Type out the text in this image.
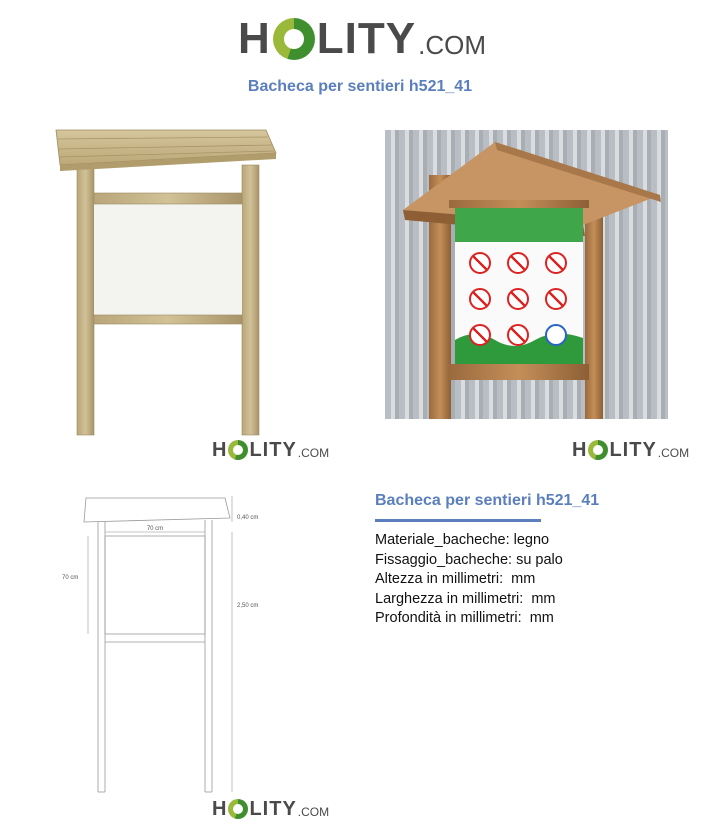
H LITY .COM
Bacheca per sentieri h521_41
H LITY .COM	H LITY .COM
70 cm
70 cm
0,40 cm
2,50 cm
H LITY .COM
Bacheca per sentieri h521_41
Materiale_bacheche: legno
Fissaggio_bacheche: su palo
Altezza in millimetri:  mm
Larghezza in millimetri:  mm
Profondità in millimetri:  mm
